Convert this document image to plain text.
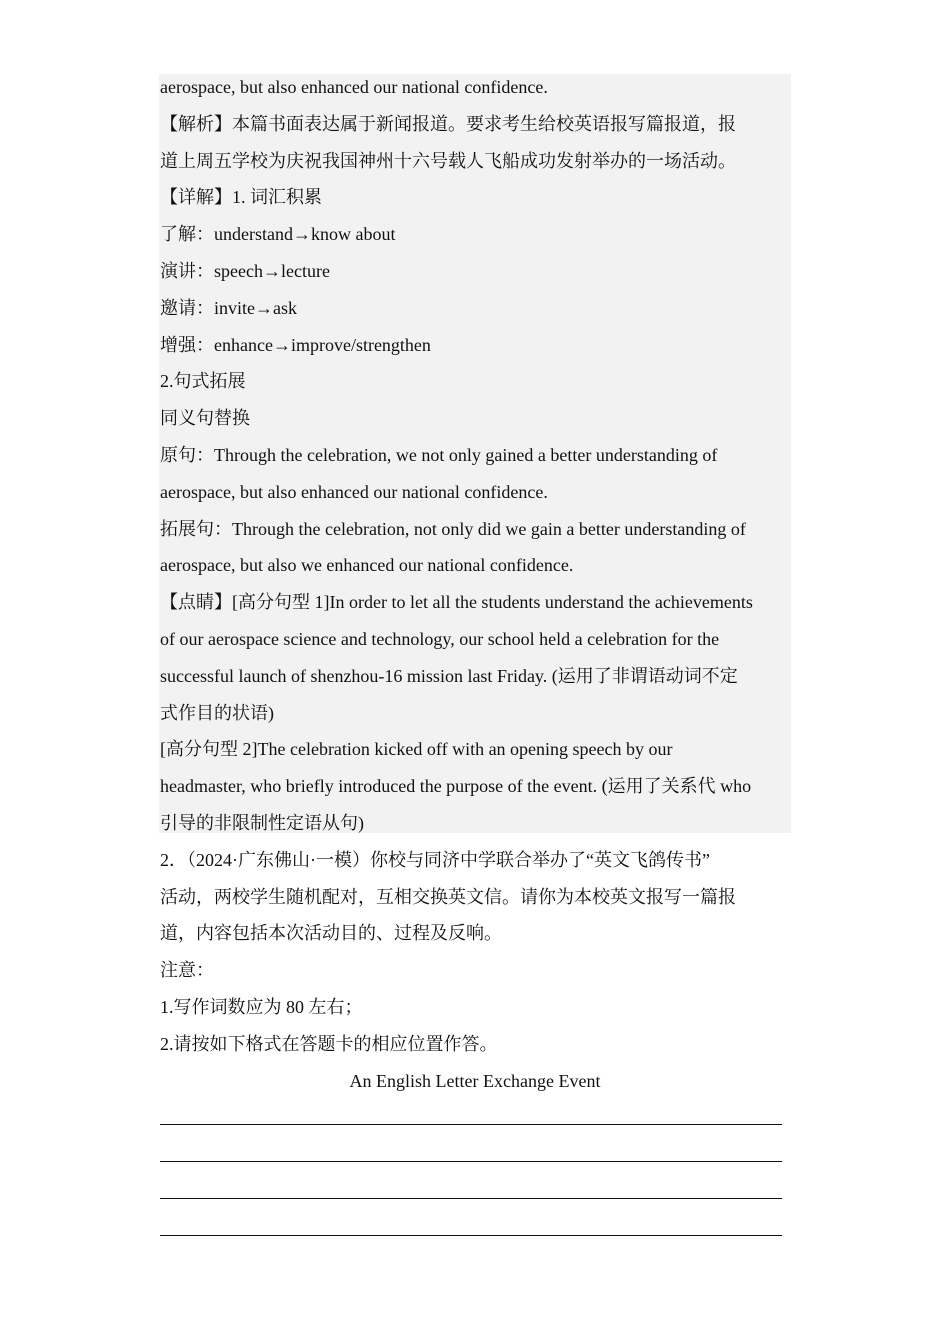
aerospace, but also enhanced our national confidence.
【解析】本篇书面表达属于新闻报道。要求考生给校英语报写篇报道，报
道上周五学校为庆祝我国神州十六号载人飞船成功发射举办的一场活动。
【详解】1. 词汇积累
了解：understand→know about
演讲：speech→lecture
邀请：invite→ask
增强：enhance→improve/strengthen
2.句式拓展
同义句替换
原句：Through the celebration, we not only gained a better understanding of
aerospace, but also enhanced our national confidence.
拓展句：Through the celebration, not only did we gain a better understanding of
aerospace, but also we enhanced our national confidence.
【点睛】[高分句型 1]In order to let all the students understand the achievements
of our aerospace science and technology, our school held a celebration for the
successful launch of shenzhou-16 mission last Friday. (运用了非谓语动词不定
式作目的状语)
[高分句型 2]The celebration kicked off with an opening speech by our
headmaster, who briefly introduced the purpose of the event. (运用了关系代 who
引导的非限制性定语从句)
2．（2024·广东佛山·一模）你校与同济中学联合举办了“英文飞鸽传书”
活动，两校学生随机配对，互相交换英文信。请你为本校英文报写一篇报
道，内容包括本次活动目的、过程及反响。
注意：
1.写作词数应为 80 左右；
2.请按如下格式在答题卡的相应位置作答。
An English Letter Exchange Event
